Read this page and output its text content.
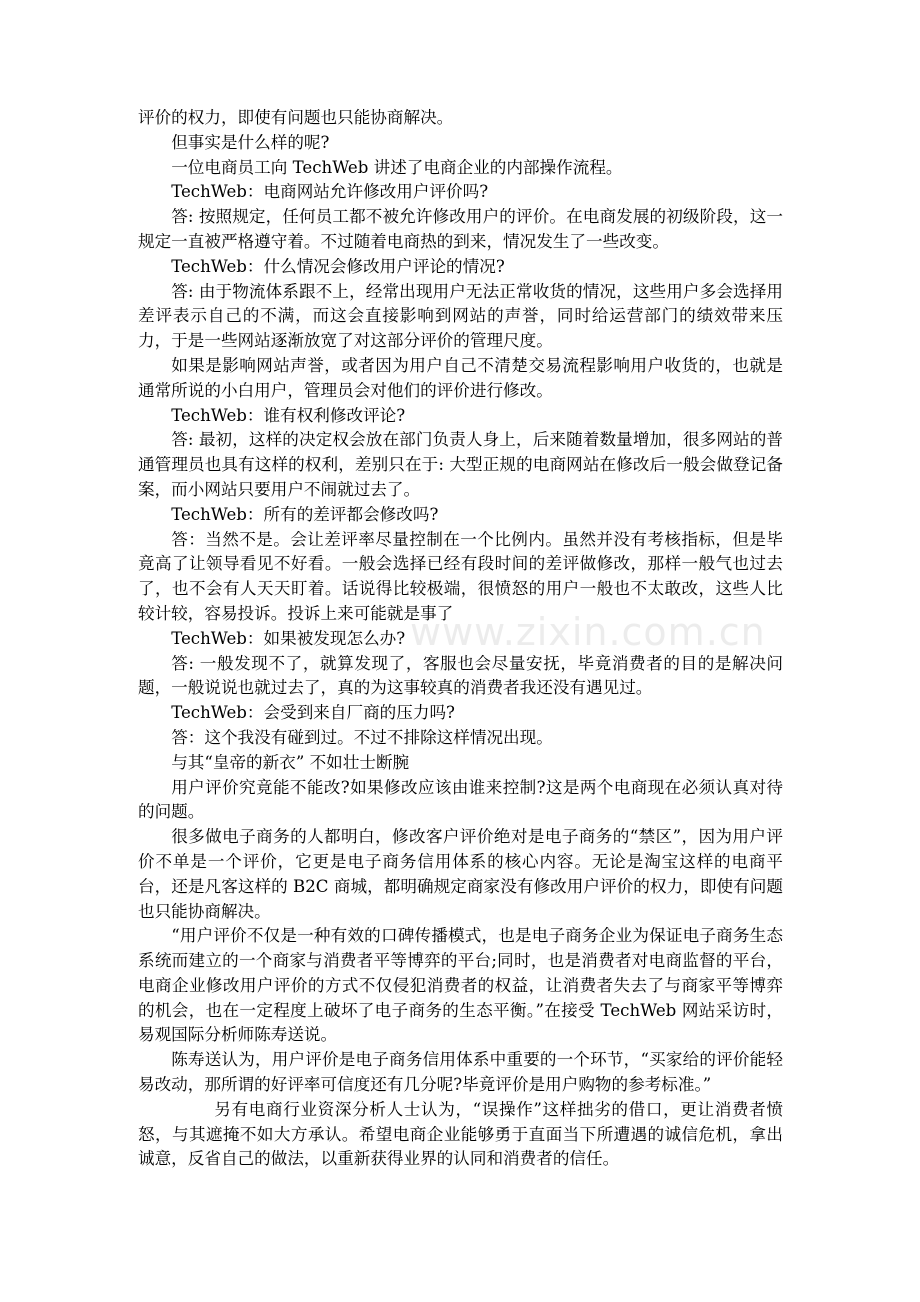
评价的权力，即使有问题也只能协商解决。

但事实是什么样的呢?

一位电商员工向 TechWeb 讲述了电商企业的内部操作流程。

TechWeb：电商网站允许修改用户评价吗?

答: 按照规定，任何员工都不被允许修改用户的评价。在电商发展的初级阶段，这一规定一直被严格遵守着。不过随着电商热的到来，情况发生了一些改变。

TechWeb：什么情况会修改用户评论的情况?

答: 由于物流体系跟不上，经常出现用户无法正常收货的情况，这些用户多会选择用差评表示自己的不满，而这会直接影响到网站的声誉，同时给运营部门的绩效带来压力，于是一些网站逐渐放宽了对这部分评价的管理尺度。

如果是影响网站声誉，或者因为用户自己不清楚交易流程影响用户收货的，也就是通常所说的小白用户，管理员会对他们的评价进行修改。

TechWeb：谁有权利修改评论?

答: 最初，这样的决定权会放在部门负责人身上，后来随着数量增加，很多网站的普通管理员也具有这样的权利，差别只在于: 大型正规的电商网站在修改后一般会做登记备案，而小网站只要用户不闹就过去了。

TechWeb：所有的差评都会修改吗?

答：当然不是。会让差评率尽量控制在一个比例内。虽然并没有考核指标，但是毕竟高了让领导看见不好看。一般会选择已经有段时间的差评做修改，那样一般气也过去了，也不会有人天天盯着。话说得比较极端，很愤怒的用户一般也不太敢改，这些人比较计较，容易投诉。投诉上来可能就是事了

TechWeb：如果被发现怎么办?

答: 一般发现不了，就算发现了，客服也会尽量安抚，毕竟消费者的目的是解决问题，一般说说也就过去了，真的为这事较真的消费者我还没有遇见过。

TechWeb：会受到来自厂商的压力吗?

答：这个我没有碰到过。不过不排除这样情况出现。

与其“皇帝的新衣” 不如壮士断腕

用户评价究竟能不能改?如果修改应该由谁来控制?这是两个电商现在必须认真对待的问题。

很多做电子商务的人都明白，修改客户评价绝对是电子商务的“禁区”，因为用户评价不单是一个评价，它更是电子商务信用体系的核心内容。无论是淘宝这样的电商平台，还是凡客这样的 B2C 商城，都明确规定商家没有修改用户评价的权力，即使有问题也只能协商解决。

“用户评价不仅是一种有效的口碑传播模式，也是电子商务企业为保证电子商务生态系统而建立的一个商家与消费者平等博弈的平台;同时，也是消费者对电商监督的平台，电商企业修改用户评价的方式不仅侵犯消费者的权益，让消费者失去了与商家平等博弈的机会，也在一定程度上破坏了电子商务的生态平衡。”在接受 TechWeb 网站采访时，易观国际分析师陈寿送说。

陈寿送认为，用户评价是电子商务信用体系中重要的一个环节，“买家给的评价能轻易改动，那所谓的好评率可信度还有几分呢?毕竟评价是用户购物的参考标准。”

另有电商行业资深分析人士认为，“误操作”这样拙劣的借口，更让消费者愤怒，与其遮掩不如大方承认。希望电商企业能够勇于直面当下所遭遇的诚信危机，拿出诚意，反省自己的做法，以重新获得业界的认同和消费者的信任。

www.zixin.com.cn
